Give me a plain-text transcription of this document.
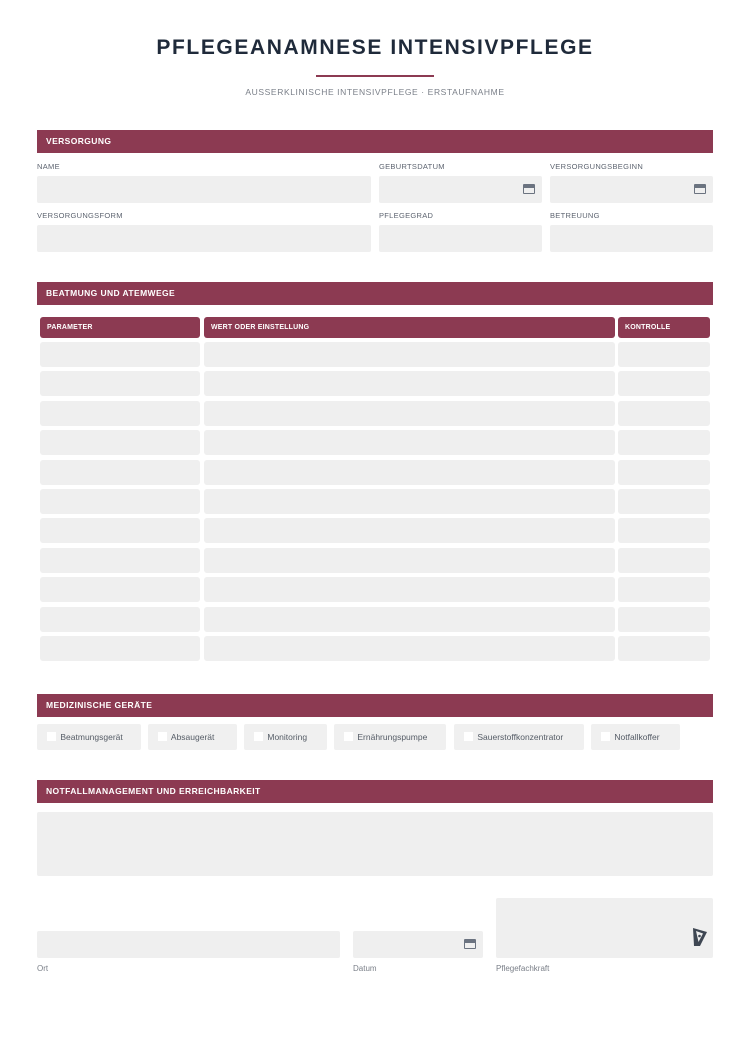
PFLEGEANAMNESE INTENSIVPFLEGE
AUSSERKLINISCHE INTENSIVPFLEGE · ERSTAUFNAHME
VERSORGUNG
NAME	GEBURTSDATUM	VERSORGUNGSBEGINN
VERSORGUNGSFORM	PFLEGEGRAD	BETREUUNG
BEATMUNG UND ATEMWEGE
PARAMETER	WERT ODER EINSTELLUNG	KONTROLLE
MEDIZINISCHE GERÄTE
Beatmungsgerät	Absaugerät	Monitoring	Ernährungspumpe	Sauerstoffkonzentrator	Notfallkoffer
NOTFALLMANAGEMENT UND ERREICHBARKEIT
Ort	Datum	Pflegefachkraft
